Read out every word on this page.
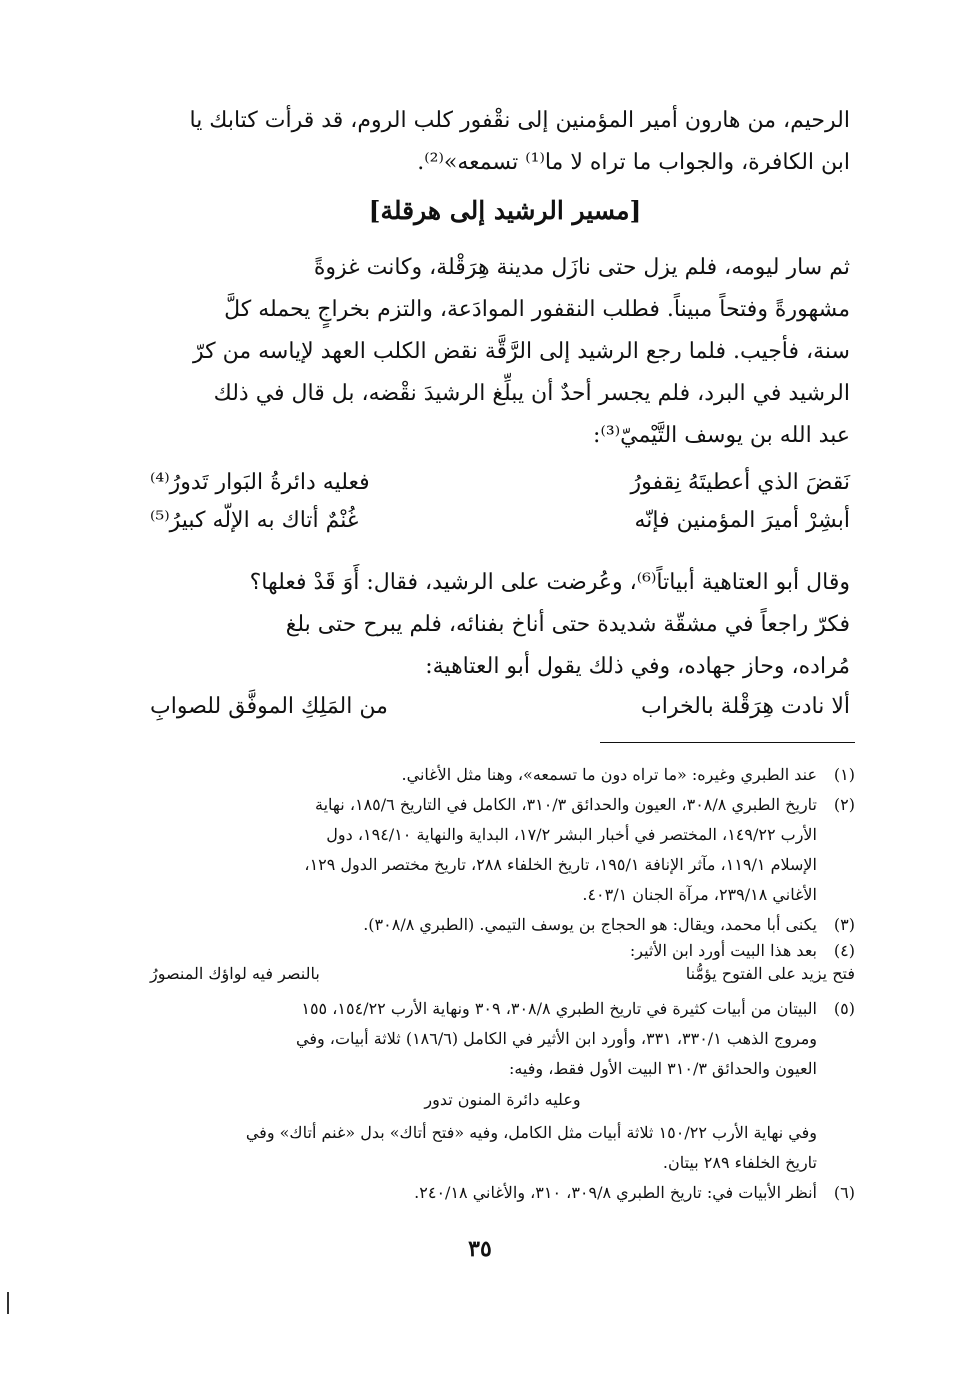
الرحيم، من هارون أمير المؤمنين إلى نقْفور كلب الروم، قد قرأت كتابك يا

ابن الكافرة، والجواب ما تراه لا ما⁽¹⁾ تسمعه»⁽²⁾.

[مسير الرشيد إلى هرقلة]

ثم سار ليومه، فلم يزل حتى نازَل مدينة هِرَقْلة، وكانت غزوةً

مشهورةً وفتحاً مبيناً. فطلب النقفور الموادَعة، والتزم بخراجٍ يحمله كلَّ

سنة، فأجيب. فلما رجع الرشيد إلى الرَّقَّة نقض الكلب العهد لإياسه من كرّ

الرشيد في البرد، فلم يجسر أحدٌ أن يبلِّغ الرشيدَ نقْضه، بل قال في ذلك

عبد الله بن يوسف التَّيْميّ⁽³⁾:

نَقضَ الذي أعطيتَهُ نِقفورُ
فعليه دائرةُ البَوار تَدورُ⁽⁴⁾
أبشِرْ أميرَ المؤمنين فإنّه
غُنْمٌ أتاك به الإلّه كبيرُ⁽⁵⁾

وقال أبو العتاهية أبياتاً⁽⁶⁾، وعُرضت على الرشيد، فقال: أَوَ قَدْ فعلها؟

فكرّ راجعاً في مشقّة شديدة حتى أناخ بفنائه، فلم يبرح حتى بلغ

مُراده، وحاز جهاده، وفي ذلك يقول أبو العتاهية:

ألا نادت هِرَقْلة بالخراب
من المَلِكِ الموفَّق للصوابِ
(١)
عند الطبري وغيره: «ما تراه دون ما تسمعه»، وهنا مثل الأغاني.
(٢)
تاريخ الطبري ٣٠٨/٨، العيون والحدائق ٣١٠/٣، الكامل في التاريخ ١٨٥/٦، نهاية
الأرب ١٤٩/٢٢، المختصر في أخبار البشر ١٧/٢، البداية والنهاية ١٩٤/١٠، دول
الإسلام ١١٩/١، مآثر الإنافة ١٩٥/١، تاريخ الخلفاء ٢٨٨، تاريخ مختصر الدول ١٢٩،
الأغاني ٢٣٩/١٨، مرآة الجنان ٤٠٣/١.
(٣)
يكنى أبا محمد، ويقال: هو الحجاج بن يوسف التيمي. (الطبري ٣٠٨/٨).
(٤)
بعد هذا البيت أورد ابن الأثير:
فتح يزيد على الفتوح يؤمُّنا
بالنصر فيه لواؤك المنصورُ
(٥)
البيتان من أبيات كثيرة في تاريخ الطبري ٣٠٨/٨، ٣٠٩ ونهاية الأرب ١٥٤/٢٢، ١٥٥
ومروج الذهب ٣٣٠/١، ٣٣١، وأورد ابن الأثير في الكامل (١٨٦/٦) ثلاثة أبيات، وفي
العيون والحدائق ٣١٠/٣ البيت الأول فقط، وفيه:
وعليه دائرة المنون تدور
وفي نهاية الأرب ١٥٠/٢٢ ثلاثة أبيات مثل الكامل، وفيه «فتح أتاك» بدل «غنم أتاك» وفي
تاريخ الخلفاء ٢٨٩ بيتان.
(٦)
أنظر الأبيات في: تاريخ الطبري ٣٠٩/٨، ٣١٠، والأغاني ٢٤٠/١٨.
٣٥
